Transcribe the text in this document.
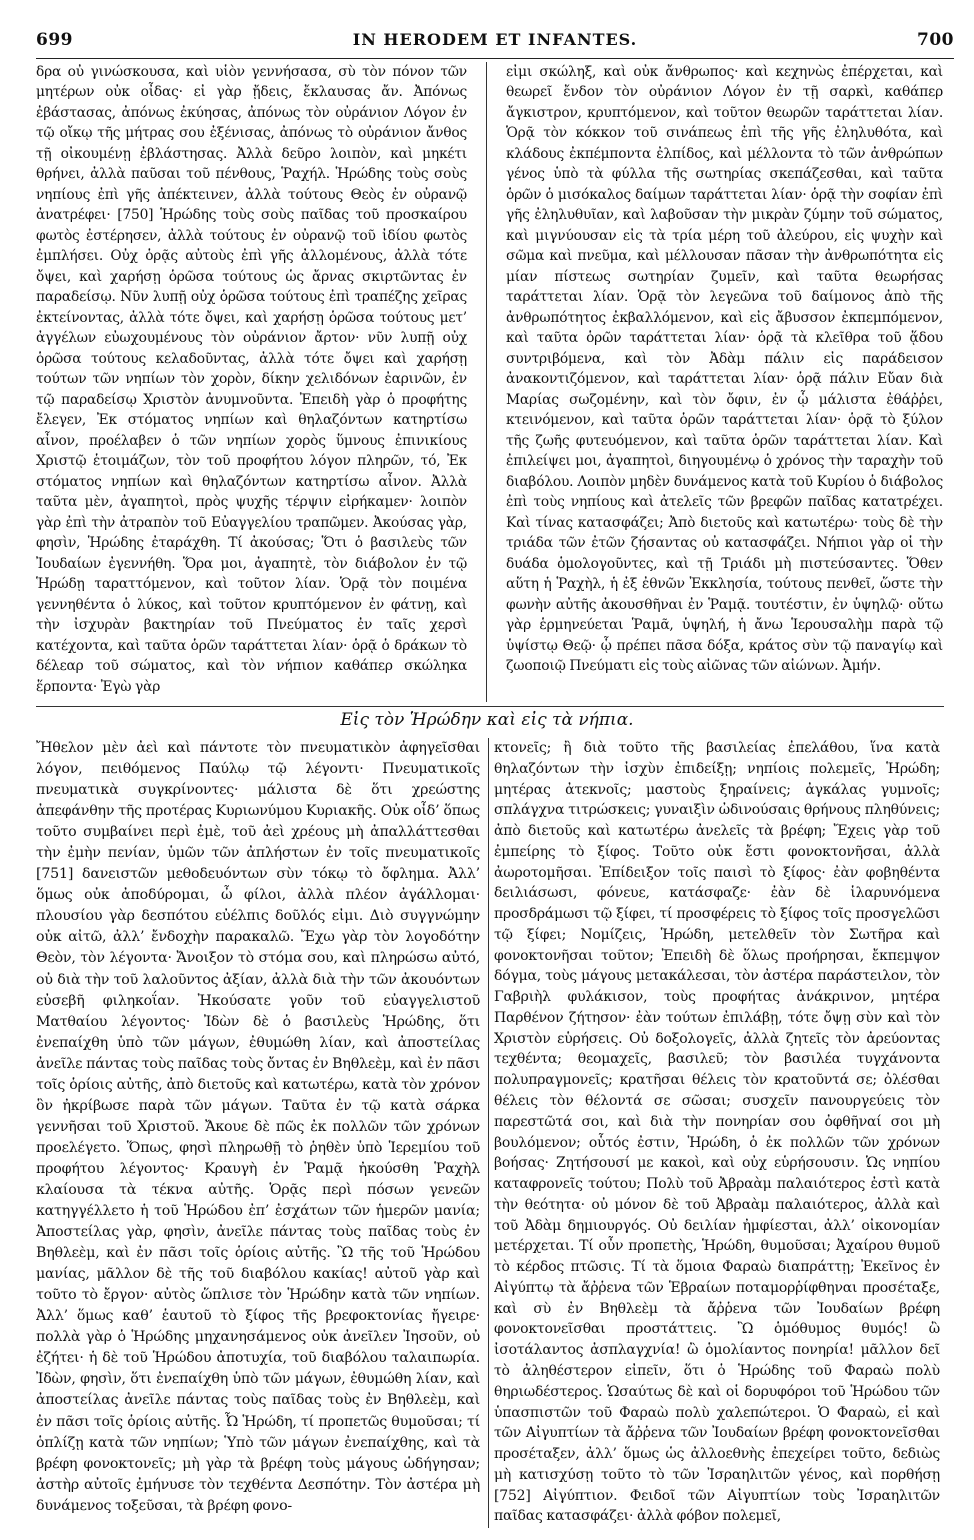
699	IN HERODEM ET INFANTES.	700

δρα οὐ γινώσκουσα, καὶ υἱὸν γεννήσασα, σὺ τὸν πόνον τῶν μητέρων οὐκ οἶδας· εἰ γὰρ ᾔδεις, ἔκλαυσας ἄν. Ἀπόνως ἐβάστασας, ἀπόνως ἐκύησας, ἀπόνως τὸν οὐράνιον Λόγον ἐν τῷ οἴκῳ τῆς μήτρας σου ἐξένισας, ἀπόνως τὸ οὐράνιον ἄνθος τῇ οἰκουμένῃ ἐβλάστησας. Ἀλλὰ δεῦρο λοιπὸν, καὶ μηκέτι θρήνει, ἀλλὰ παῦσαι τοῦ πένθους, Ῥαχήλ. Ἡρώδης τοὺς σοὺς νηπίους ἐπὶ γῆς ἀπέκτεινεν, ἀλλὰ τούτους Θεὸς ἐν οὐρανῷ ἀνατρέφει· [750] Ἡρώδης τοὺς σοὺς παῖδας τοῦ προσκαίρου φωτὸς ἐστέρησεν, ἀλλὰ τούτους ἐν οὐρανῷ τοῦ ἰδίου φωτὸς ἐμπλήσει. Οὐχ ὁρᾷς αὐτοὺς ἐπὶ γῆς ἀλλομένους, ἀλλὰ τότε ὄψει, καὶ χαρήσῃ ὁρῶσα τούτους ὡς ἄρνας σκιρτῶντας ἐν παραδείσῳ. Νῦν λυπῇ οὐχ ὁρῶσα τούτους ἐπὶ τραπέζης χεῖρας ἐκτείνοντας, ἀλλὰ τότε ὄψει, καὶ χαρήσῃ ὁρῶσα τούτους μετ’ ἀγγέλων εὐωχουμένους τὸν οὐράνιον ἄρτον· νῦν λυπῇ οὐχ ὁρῶσα τούτους κελαδοῦντας, ἀλλὰ τότε ὄψει καὶ χαρήσῃ τούτων τῶν νηπίων τὸν χορὸν, δίκην χελιδόνων ἐαρινῶν, ἐν τῷ παραδείσῳ Χριστὸν ἀνυμνοῦντα. Ἐπειδὴ γὰρ ὁ προφήτης ἔλεγεν, Ἐκ στόματος νηπίων καὶ θηλαζόντων κατηρτίσω αἶνον, προέλαβεν ὁ τῶν νηπίων χορὸς ὕμνους ἐπινικίους Χριστῷ ἑτοιμάζων, τὸν τοῦ προφήτου λόγον πληρῶν, τό, Ἐκ στόματος νηπίων καὶ θηλαζόντων κατηρτίσω αἶνον. Ἀλλὰ ταῦτα μὲν, ἀγαπητοὶ, πρὸς ψυχῆς τέρψιν εἰρήκαμεν· λοιπὸν γὰρ ἐπὶ τὴν ἀτραπὸν τοῦ Εὐαγγελίου τραπῶμεν. Ἀκούσας γὰρ, φησὶν, Ἡρώδης ἐταράχθη. Τί ἀκούσας; Ὅτι ὁ βασιλεὺς τῶν Ἰουδαίων ἐγεννήθη. Ὅρα μοι, ἀγαπητὲ, τὸν διάβολον ἐν τῷ Ἡρώδῃ ταραττόμενον, καὶ τοῦτον λίαν. Ὁρᾷ τὸν ποιμένα γεννηθέντα ὁ λύκος, καὶ τοῦτον κρυπτόμενον ἐν φάτνῃ, καὶ τὴν ἰσχυρὰν βακτηρίαν τοῦ Πνεύματος ἐν ταῖς χερσὶ κατέχοντα, καὶ ταῦτα ὁρῶν ταράττεται λίαν· ὁρᾷ ὁ δράκων τὸ δέλεαρ τοῦ σώματος, καὶ τὸν νήπιον καθάπερ σκώληκα ἕρποντα· Ἐγὼ γὰρ

εἰμι σκώληξ, καὶ οὐκ ἄνθρωπος· καὶ κεχηνὼς ἐπέρχεται, καὶ θεωρεῖ ἔνδον τὸν οὐράνιον Λόγον ἐν τῇ σαρκὶ, καθάπερ ἄγκιστρον, κρυπτόμενον, καὶ τοῦτον θεωρῶν ταράττεται λίαν. Ὁρᾷ τὸν κόκκον τοῦ σινάπεως ἐπὶ τῆς γῆς ἐληλυθότα, καὶ κλάδους ἐκπέμποντα ἐλπίδος, καὶ μέλλοντα τὸ τῶν ἀνθρώπων γένος ὑπὸ τὰ φύλλα τῆς σωτηρίας σκεπάζεσθαι, καὶ ταῦτα ὁρῶν ὁ μισόκαλος δαίμων ταράττεται λίαν· ὁρᾷ τὴν σοφίαν ἐπὶ γῆς ἐληλυθυῖαν, καὶ λαβοῦσαν τὴν μικρὰν ζύμην τοῦ σώματος, καὶ μιγνύουσαν εἰς τὰ τρία μέρη τοῦ ἀλεύρου, εἰς ψυχὴν καὶ σῶμα καὶ πνεῦμα, καὶ μέλλουσαν πᾶσαν τὴν ἀνθρωπότητα εἰς μίαν πίστεως σωτηρίαν ζυμεῖν, καὶ ταῦτα θεωρήσας ταράττεται λίαν. Ὁρᾷ τὸν λεγεῶνα τοῦ δαίμονος ἀπὸ τῆς ἀνθρωπότητος ἐκβαλλόμενον, καὶ εἰς ἄβυσσον ἐκπεμπόμενον, καὶ ταῦτα ὁρῶν ταράττεται λίαν· ὁρᾷ τὰ κλεῖθρα τοῦ ᾅδου συντριβόμενα, καὶ τὸν Ἀδὰμ πάλιν εἰς παράδεισον ἀνακοντιζόμενον, καὶ ταράττεται λίαν· ὁρᾷ πάλιν Εὔαν διὰ Μαρίας σωζομένην, καὶ τὸν ὄφιν, ἐν ᾧ μάλιστα ἐθάῤῥει, κτεινόμενον, καὶ ταῦτα ὁρῶν ταράττεται λίαν· ὁρᾷ τὸ ξύλον τῆς ζωῆς φυτευόμενον, καὶ ταῦτα ὁρῶν ταράττεται λίαν. Καὶ ἐπιλείψει μοι, ἀγαπητοὶ, διηγουμένῳ ὁ χρόνος τὴν ταραχὴν τοῦ διαβόλου. Λοιπὸν μηδὲν δυνάμενος κατὰ τοῦ Κυρίου ὁ διάβολος ἐπὶ τοὺς νηπίους καὶ ἀτελεῖς τῶν βρεφῶν παῖδας κατατρέχει. Καὶ τίνας κατασφάζει; Ἀπὸ διετοῦς καὶ κατωτέρω· τοὺς δὲ τὴν τριάδα τῶν ἐτῶν ζήσαντας οὐ κατασφάζει. Νήπιοι γὰρ οἱ τὴν δυάδα ὁμολογοῦντες, καὶ τῇ Τριάδι μὴ πιστεύσαντες. Ὅθεν αὕτη ἡ Ῥαχὴλ, ἡ ἐξ ἐθνῶν Ἐκκλησία, τούτους πενθεῖ, ὥστε τὴν φωνὴν αὐτῆς ἀκουσθῆναι ἐν Ῥαμᾷ. τουτέστιν, ἐν ὑψηλῷ· οὕτω γὰρ ἑρμηνεύεται Ῥαμᾶ, ὑψηλή, ἡ ἄνω Ἱερουσαλὴμ παρὰ τῷ ὑψίστῳ Θεῷ· ᾧ πρέπει πᾶσα δόξα, κράτος σὺν τῷ παναγίῳ καὶ ζωοποιῷ Πνεύματι εἰς τοὺς αἰῶνας τῶν αἰώνων. Ἀμήν.

Εἰς τὸν Ἡρώδην καὶ εἰς τὰ νήπια.

Ἤθελον μὲν ἀεὶ καὶ πάντοτε τὸν πνευματικὸν ἀφηγεῖσθαι λόγον, πειθόμενος Παύλῳ τῷ λέγοντι· Πνευματικοῖς πνευματικὰ συγκρίνοντες· μάλιστα δὲ ὅτι χρεώστης ἀπεφάνθην τῆς προτέρας Κυριωνύμου Κυριακῆς. Οὐκ οἶδ’ ὅπως τοῦτο συμβαίνει περὶ ἐμὲ, τοῦ ἀεὶ χρέους μὴ ἀπαλλάττεσθαι τὴν ἐμὴν πενίαν, ὑμῶν τῶν ἀπλήστων ἐν τοῖς πνευματικοῖς [751] δανειστῶν μεθοδευόντων σὺν τόκῳ τὸ ὄφλημα. Ἀλλ’ ὅμως οὐκ ἀποδύρομαι, ὦ φίλοι, ἀλλὰ πλέον ἀγάλλομαι· πλουσίου γὰρ δεσπότου εὐέλπις δοῦλός εἰμι. Διὸ συγγνώμην οὐκ αἰτῶ, ἀλλ’ ἔνδοχὴν παρακαλῶ. Ἔχω γὰρ τὸν λογοδότην Θεὸν, τὸν λέγοντα· Ἄνοιξον τὸ στόμα σου, καὶ πληρώσω αὐτό, οὐ διὰ τὴν τοῦ λαλοῦντος ἀξίαν, ἀλλὰ διὰ τὴν τῶν ἀκουόντων εὐσεβῆ φιληκοΐαν. Ἠκούσατε γοῦν τοῦ εὐαγγελιστοῦ Ματθαίου λέγοντος· Ἰδὼν δὲ ὁ βασιλεὺς Ἡρώδης, ὅτι ἐνεπαίχθη ὑπὸ τῶν μάγων, ἐθυμώθη λίαν, καὶ ἀποστείλας ἀνεῖλε πάντας τοὺς παῖδας τοὺς ὄντας ἐν Βηθλεὲμ, καὶ ἐν πᾶσι τοῖς ὁρίοις αὐτῆς, ἀπὸ διετοῦς καὶ κατωτέρω, κατὰ τὸν χρόνον ὃν ἠκρίβωσε παρὰ τῶν μάγων. Ταῦτα ἐν τῷ κατὰ σάρκα γεννῆσαι τοῦ Χριστοῦ. Ἄκουε δὲ πῶς ἐκ πολλῶν τῶν χρόνων προελέγετο. Ὅπως, φησὶ πληρωθῇ τὸ ῥηθὲν ὑπὸ Ἱερεμίου τοῦ προφήτου λέγοντος· Κραυγὴ ἐν Ῥαμᾷ ἠκούσθη Ῥαχὴλ κλαίουσα τὰ τέκνα αὐτῆς. Ὁρᾷς περὶ πόσων γενεῶν κατηγγέλλετο ἡ τοῦ Ἡρώδου ἐπ’ ἐσχάτων τῶν ἡμερῶν μανία; Ἀποστείλας γὰρ, φησὶν, ἀνεῖλε πάντας τοὺς παῖδας τοὺς ἐν Βηθλεὲμ, καὶ ἐν πᾶσι τοῖς ὁρίοις αὐτῆς. Ὢ τῆς τοῦ Ἡρώδου μανίας, μᾶλλον δὲ τῆς τοῦ διαβόλου κακίας! αὐτοῦ γὰρ καὶ τοῦτο τὸ ἔργον· αὐτὸς ὥπλισε τὸν Ἡρώδην κατὰ τῶν νηπίων. Ἀλλ’ ὅμως καθ’ ἑαυτοῦ τὸ ξίφος τῆς βρεφοκτονίας ἤγειρε· πολλὰ γὰρ ὁ Ἡρώδης μηχανησάμενος οὐκ ἀνεῖλεν Ἰησοῦν, οὐ ἐζήτει· ἡ δὲ τοῦ Ἡρώδου ἀποτυχία, τοῦ διαβόλου ταλαιπωρία. Ἰδὼν, φησὶν, ὅτι ἐνεπαίχθη ὑπὸ τῶν μάγων, ἐθυμώθη λίαν, καὶ ἀποστείλας ἀνεῖλε πάντας τοὺς παῖδας τοὺς ἐν Βηθλεὲμ, καὶ ἐν πᾶσι τοῖς ὁρίοις αὐτῆς. Ὦ Ἡρώδη, τί προπετῶς θυμοῦσαι; τί ὁπλίζῃ κατὰ τῶν νηπίων; Ὑπὸ τῶν μάγων ἐνεπαίχθης, καὶ τὰ βρέφη φονοκτονεῖς; μὴ γὰρ τὰ βρέφη τοὺς μάγους ὡδήγησαν; ἀστὴρ αὐτοῖς ἐμήνυσε τὸν τεχθέντα Δεσπότην. Τὸν ἀστέρα μὴ δυνάμενος τοξεῦσαι, τὰ βρέφη φονο-

κτονεῖς; ἢ διὰ τοῦτο τῆς βασιλείας ἐπελάθου, ἵνα κατὰ θηλαζόντων τὴν ἰσχὺν ἐπιδείξῃ; νηπίοις πολεμεῖς, Ἡρώδη; μητέρας ἀτεκνοῖς; μαστοὺς ξηραίνεις; ἀγκάλας γυμνοῖς; σπλάγχνα τιτρώσκεις; γυναιξὶν ὠδινούσαις θρήνους πληθύνεις; ἀπὸ διετοῦς καὶ κατωτέρω ἀνελεῖς τὰ βρέφη; Ἔχεις γὰρ τοῦ ἐμπείρης τὸ ξίφος. Τοῦτο οὐκ ἔστι φονοκτονῆσαι, ἀλλὰ ἀωροτομῆσαι. Ἐπίδειξον τοῖς παισὶ τὸ ξίφος· ἐὰν φοβηθέντα δειλιάσωσι, φόνευε, κατάσφαζε· ἐὰν δὲ ἱλαρυνόμενα προσδράμωσι τῷ ξίφει, τί προσφέρεις τὸ ξίφος τοῖς προσγελῶσι τῷ ξίφει; Νομίζεις, Ἡρώδη, μετελθεῖν τὸν Σωτῆρα καὶ φονοκτονῆσαι τοῦτον; Ἐπειδὴ δὲ ὅλως προήρησαι, ἔκπεμψον δόγμα, τοὺς μάγους μετακάλεσαι, τὸν ἀστέρα παράστειλον, τὸν Γαβριὴλ φυλάκισον, τοὺς προφήτας ἀνάκρινον, μητέρα Παρθένον ζήτησον· ἐὰν τούτων ἐπιλάβῃ, τότε ὄψῃ σὺν καὶ τὸν Χριστὸν εὑρήσεις. Οὐ δοξολογεῖς, ἀλλὰ ζητεῖς τὸν ἀρεύοντας τεχθέντα; θεομαχεῖς, βασιλεῦ; τὸν βασιλέα τυγχάνοντα πολυπραγμονεῖς; κρατῆσαι θέλεις τὸν κρατοῦντά σε; ὀλέσθαι θέλεις τὸν θέλοντά σε σῶσαι; συσχεῖν πανουργεύεις τὸν παρεστῶτά σοι, καὶ διὰ τὴν πονηρίαν σου ὀφθῆναί σοι μὴ βουλόμενον; οὗτός ἐστιν, Ἡρώδη, ὁ ἐκ πολλῶν τῶν χρόνων βοήσας· Ζητήσουσί με κακοὶ, καὶ οὐχ εὑρήσουσιν. Ὡς νηπίου καταφρονεῖς τούτου; Πολὺ τοῦ Ἀβραὰμ παλαιότερος ἐστὶ κατὰ τὴν θεότητα· οὐ μόνον δὲ τοῦ Ἀβραὰμ παλαιότερος, ἀλλὰ καὶ τοῦ Ἀδὰμ δημιουργός. Οὐ δειλίαν ἠμφίεσται, ἀλλ’ οἰκονομίαν μετέρχεται. Τί οὖν προπετὴς, Ἡρώδη, θυμοῦσαι; Ἀχαίρου θυμοῦ τὸ κέρδος πτῶσις. Τί τὰ ὅμοια Φαραὼ διαπράττῃ; Ἐκεῖνος ἐν Αἰγύπτῳ τὰ ἄῤῥενα τῶν Ἑβραίων ποταμορῥίφθηναι προσέταξε, καὶ σὺ ἐν Βηθλεὲμ τὰ ἄῤῥενα τῶν Ἰουδαίων βρέφη φονοκτονεῖσθαι προστάττεις. Ὢ ὁμόθυμος θυμός! ὢ ἰσοτάλαντος ἀσπλαγχνία! ὢ ὁμολίαντος πονηρία! μᾶλλον δεῖ τὸ ἀληθέστερον εἰπεῖν, ὅτι ὁ Ἡρώδης τοῦ Φαραὼ πολὺ θηριωδέστερος. Ὡσαύτως δὲ καὶ οἱ δορυφόροι τοῦ Ἡρώδου τῶν ὑπασπιστῶν τοῦ Φαραὼ πολὺ χαλεπώτεροι. Ὁ Φαραὼ, εἰ καὶ τῶν Αἰγυπτίων τὰ ἄῤῥενα τῶν Ἰουδαίων βρέφη φονοκτονεῖσθαι προσέταξεν, ἀλλ’ ὅμως ὡς ἀλλοεθνὴς ἐπεχείρει τοῦτο, δεδιὼς μὴ κατισχύσῃ τοῦτο τὸ τῶν Ἰσραηλιτῶν γένος, καὶ πορθήσῃ [752] Αἰγύπτιον. Φειδοῖ τῶν Αἰγυπτίων τοὺς Ἰσραηλιτῶν παῖδας κατασφάζει· ἀλλὰ φόβον πολεμεῖ,
